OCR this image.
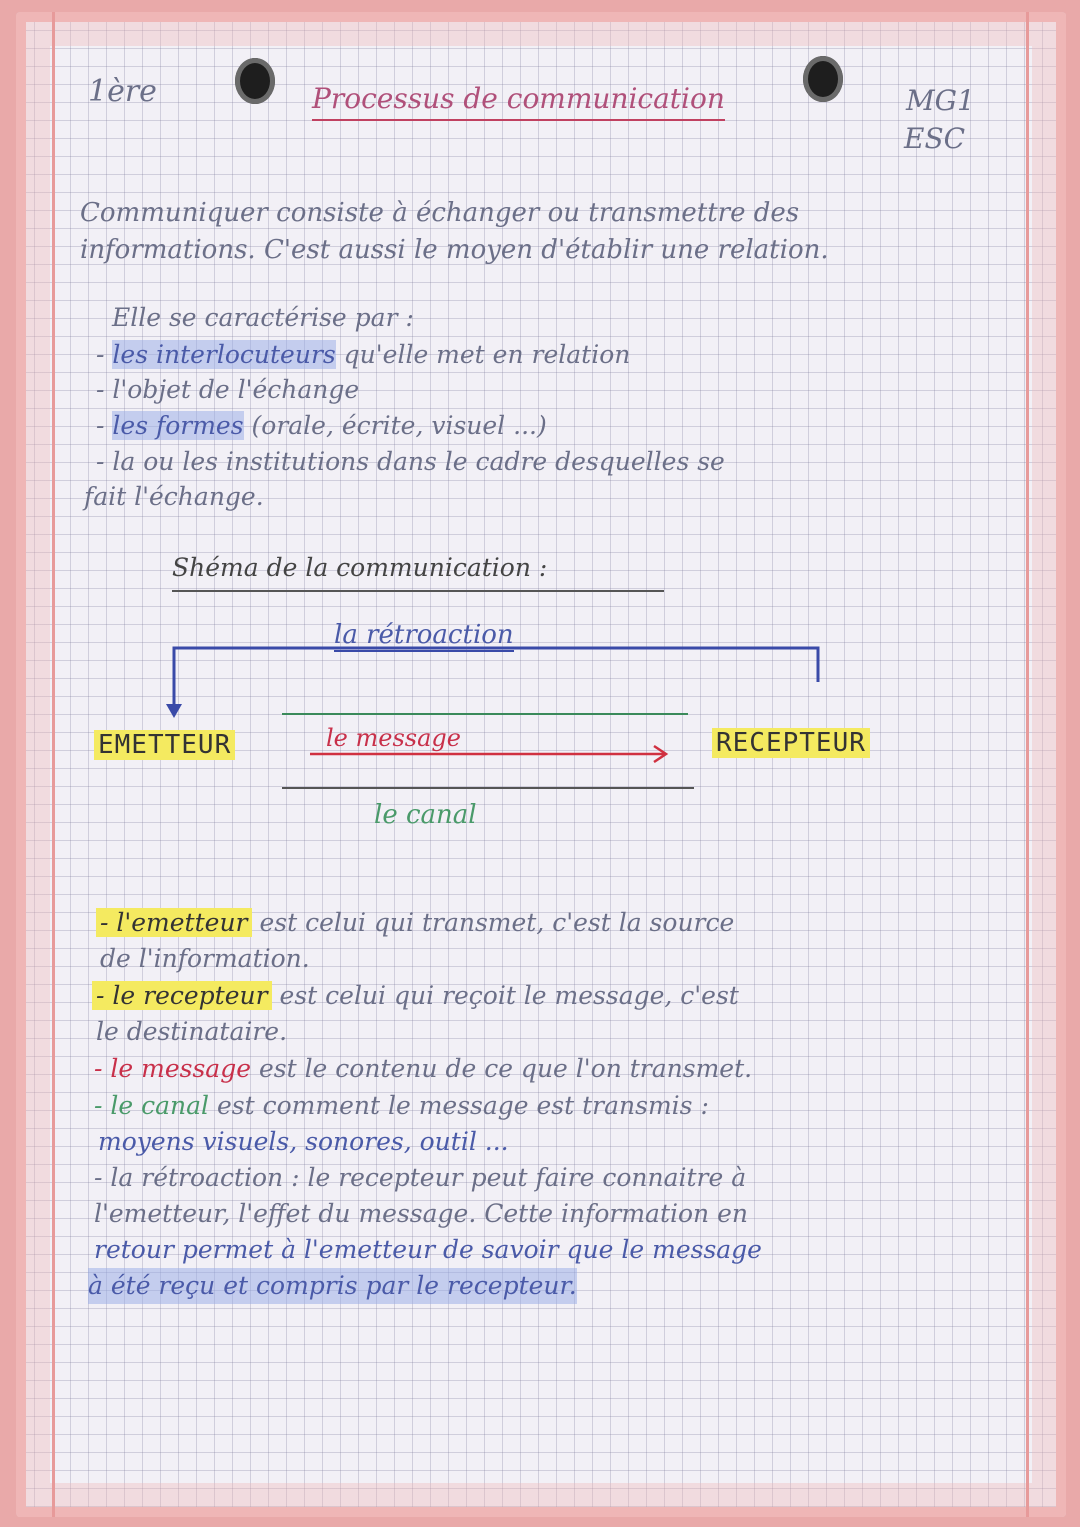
1ère	Processus de communication	MG1
ESC
Communiquer consiste à échanger ou transmettre des
informations. C'est aussi le moyen d'établir une relation.
Elle se caractérise par :
- les interlocuteurs qu'elle met en relation
- l'objet de l'échange
- les formes (orale, écrite, visuel ...)
- la ou les institutions dans le cadre desquelles se
fait l'échange.
Shéma de la communication :
la rétroaction
EMETTEUR	RECEPTEUR
le message
le canal
- l'emetteur est celui qui transmet, c'est la source
de l'information.
- le recepteur est celui qui reçoit le message, c'est
le destinataire.
- le message est le contenu de ce que l'on transmet.
- le canal est comment le message est transmis :
moyens visuels, sonores, outil ...
- la rétroaction : le recepteur peut faire connaitre à
l'emetteur, l'effet du message. Cette information en
retour permet à l'emetteur de savoir que le message
à été reçu et compris par le recepteur.
